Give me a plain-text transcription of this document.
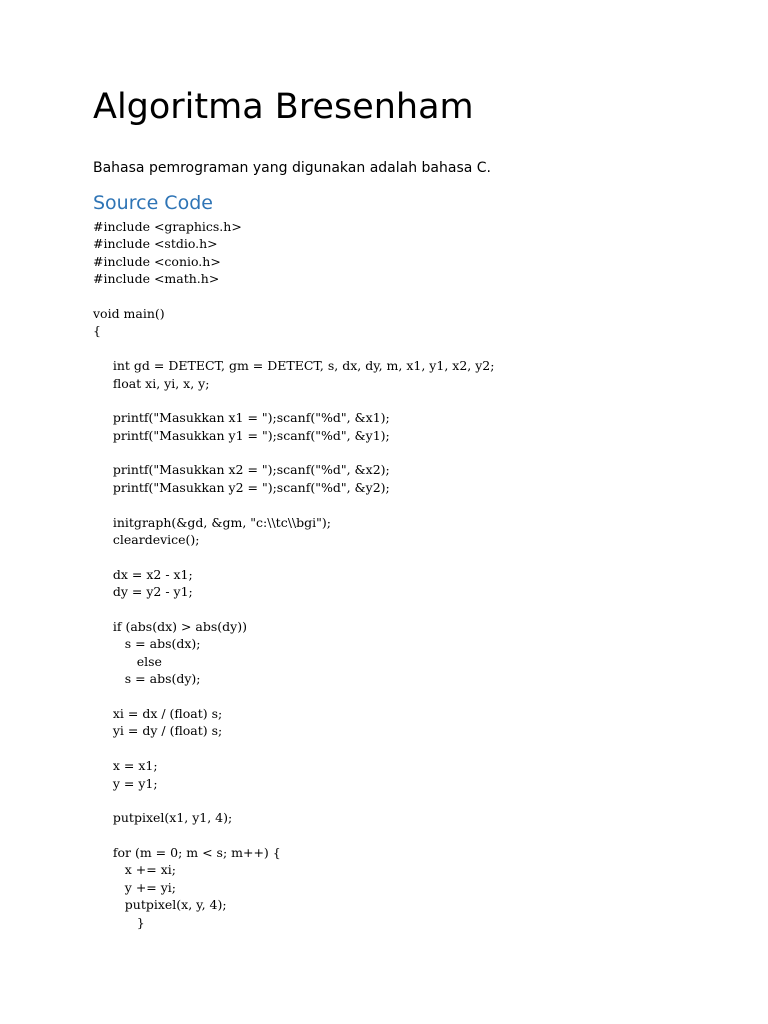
Algoritma Bresenham

Bahasa pemrograman yang digunakan adalah bahasa C.

Source Code
#include <graphics.h>
#include <stdio.h>
#include <conio.h>
#include <math.h>
void main()
{
int gd = DETECT, gm = DETECT, s, dx, dy, m, x1, y1, x2, y2;
float xi, yi, x, y;
printf("Masukkan x1 = ");scanf("%d", &x1);
printf("Masukkan y1 = ");scanf("%d", &y1);
printf("Masukkan x2 = ");scanf("%d", &x2);
printf("Masukkan y2 = ");scanf("%d", &y2);
initgraph(&gd, &gm, "c:\\tc\\bgi");
cleardevice();
dx = x2 - x1;
dy = y2 - y1;
if (abs(dx) > abs(dy))
s = abs(dx);
else
s = abs(dy);
xi = dx / (float) s;
yi = dy / (float) s;
x = x1;
y = y1;
putpixel(x1, y1, 4);
for (m = 0; m < s; m++) {
x += xi;
y += yi;
putpixel(x, y, 4);
}
